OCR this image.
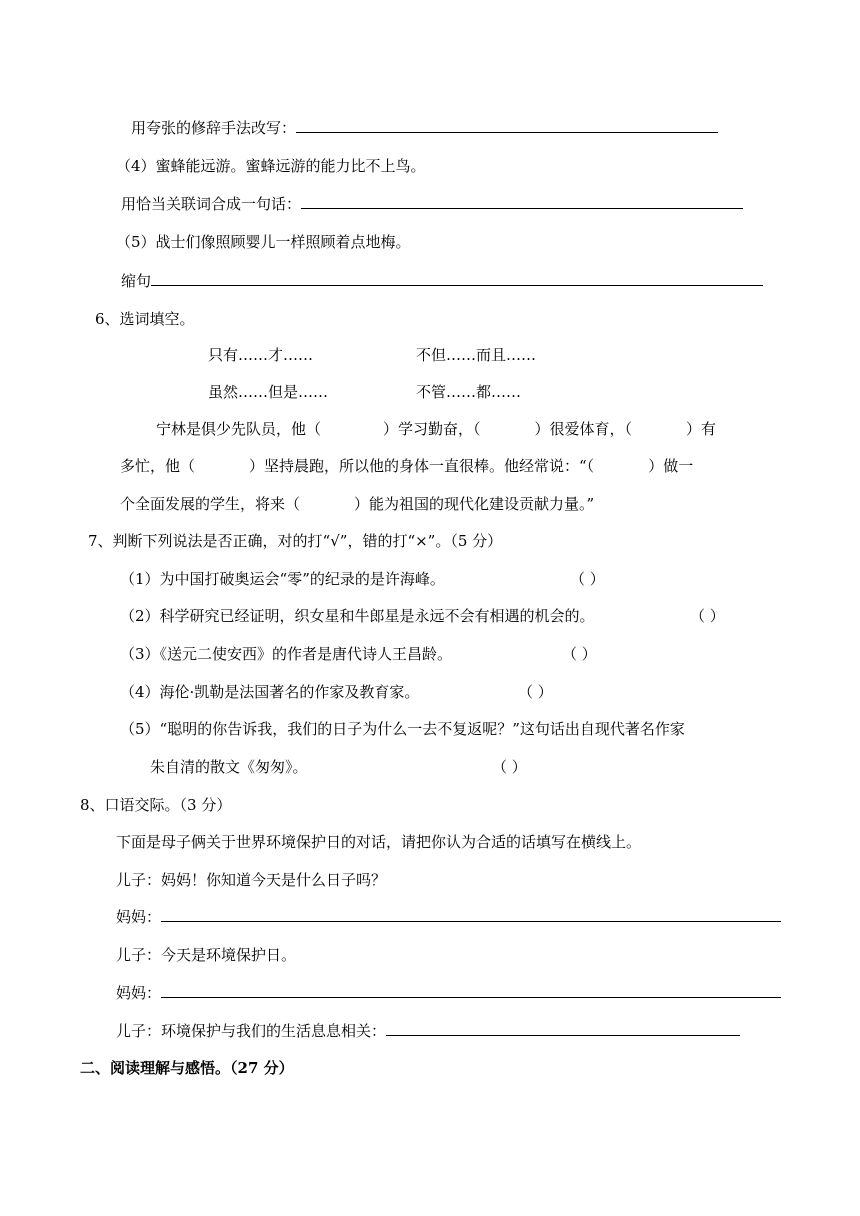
用夸张的修辞手法改写：
（4）蜜蜂能远游。蜜蜂远游的能力比不上鸟。
用恰当关联词合成一句话：
（5）战士们像照顾婴儿一样照顾着点地梅。
缩句
6、选词填空。
只有……才……	不但……而且……
虽然……但是……	不管……都……
宁林是俱少先队员，他（	）学习勤奋，（	）很爱体育，（	）有
多忙，他（	）坚持晨跑，所以他的身体一直很棒。他经常说：“（	）做一
个全面发展的学生，将来（	）能为祖国的现代化建设贡献力量。”
7、判断下列说法是否正确，对的打“√”，错的打“×”。（5 分）
（1）为中国打破奥运会“零”的纪录的是许海峰。	（ ）
（2）科学研究已经证明，织女星和牛郎星是永远不会有相遇的机会的。	（ ）
（3）《送元二使安西》的作者是唐代诗人王昌龄。	（ ）
（4）海伦·凯勒是法国著名的作家及教育家。	（ ）
（5）“聪明的你告诉我，我们的日子为什么一去不复返呢？”这句话出自现代著名作家
朱自清的散文《匆匆》。	（ ）
8、口语交际。（3 分）
下面是母子俩关于世界环境保护日的对话，请把你认为合适的话填写在横线上。
儿子：妈妈！你知道今天是什么日子吗？
妈妈：
儿子：今天是环境保护日。
妈妈：
儿子：环境保护与我们的生活息息相关：
二、阅读理解与感悟。（27 分）
